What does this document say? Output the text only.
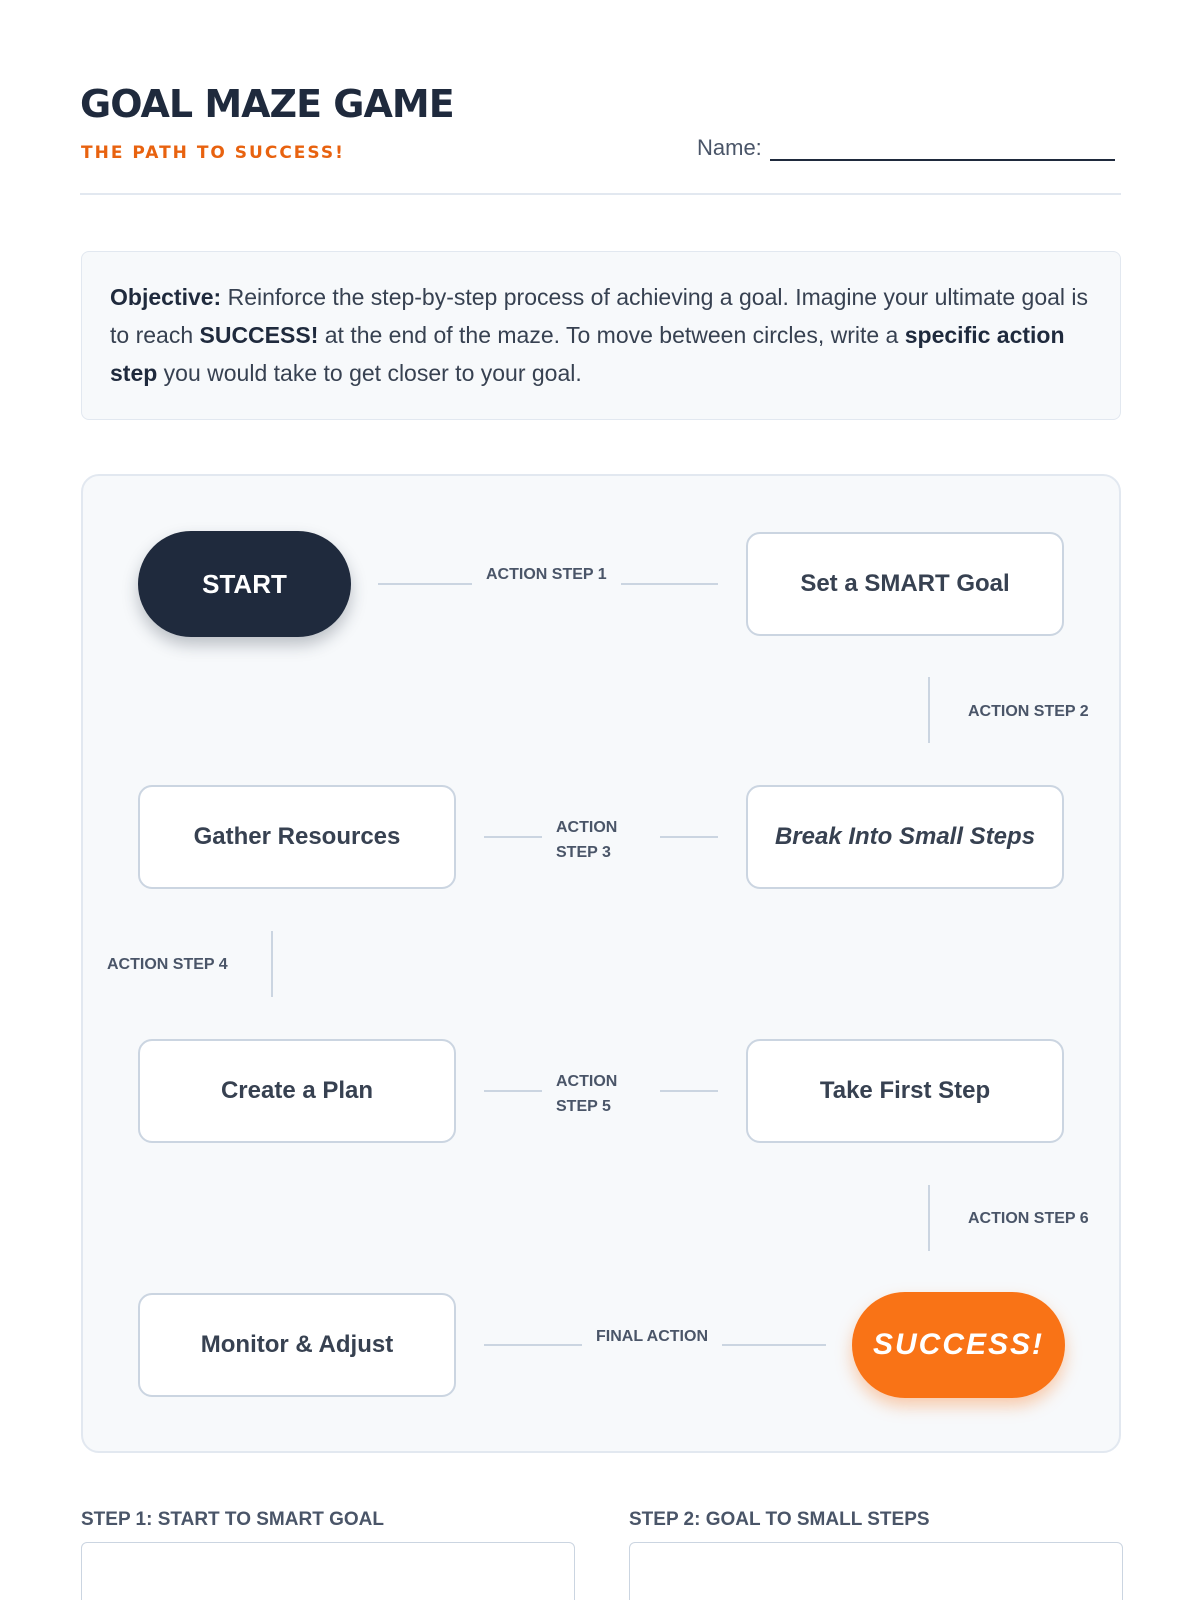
GOAL MAZE GAME
THE PATH TO SUCCESS!	Name:
Objective: Reinforce the step-by-step process of achieving a goal. Imagine your ultimate goal is to reach SUCCESS! at the end of the maze. To move between circles, write a specific action step you would take to get closer to your goal.
START	ACTION STEP 1	Set a SMART Goal
ACTION STEP 2
Gather Resources	ACTION
STEP 3
Break Into Small Steps
ACTION STEP 4
Create a Plan	ACTION
STEP 5
Take First Step
ACTION STEP 6
Monitor & Adjust	FINAL ACTION	SUCCESS!
STEP 1: START TO SMART GOAL	STEP 2: GOAL TO SMALL STEPS
